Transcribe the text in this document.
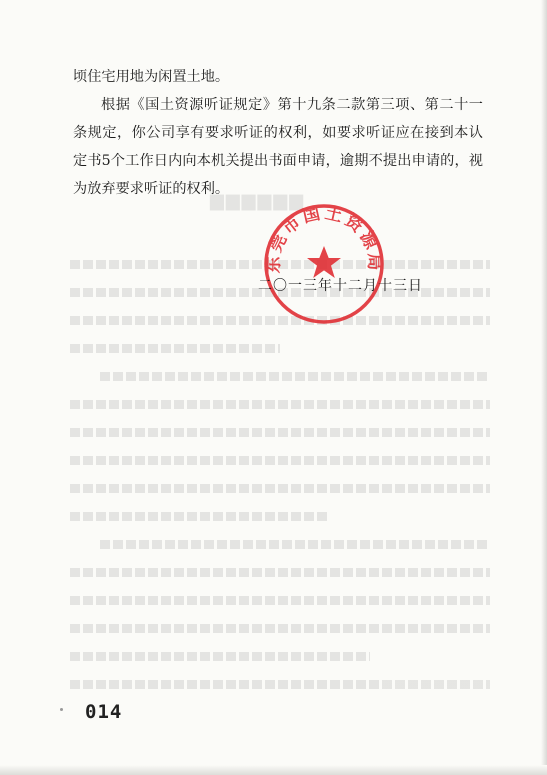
▆▆▆▆▆▆
顷住宅用地为闲置土地。
根据《国土资源听证规定》第十九条二款第三项、第二十一条规定，你公司享有要求听证的权利，如要求听证应在接到本认定书5个工作日内向本机关提出书面申请，逾期不提出申请的，视为放弃要求听证的权利。
东莞市国土资源局
二〇一三年十二月十三日
014
